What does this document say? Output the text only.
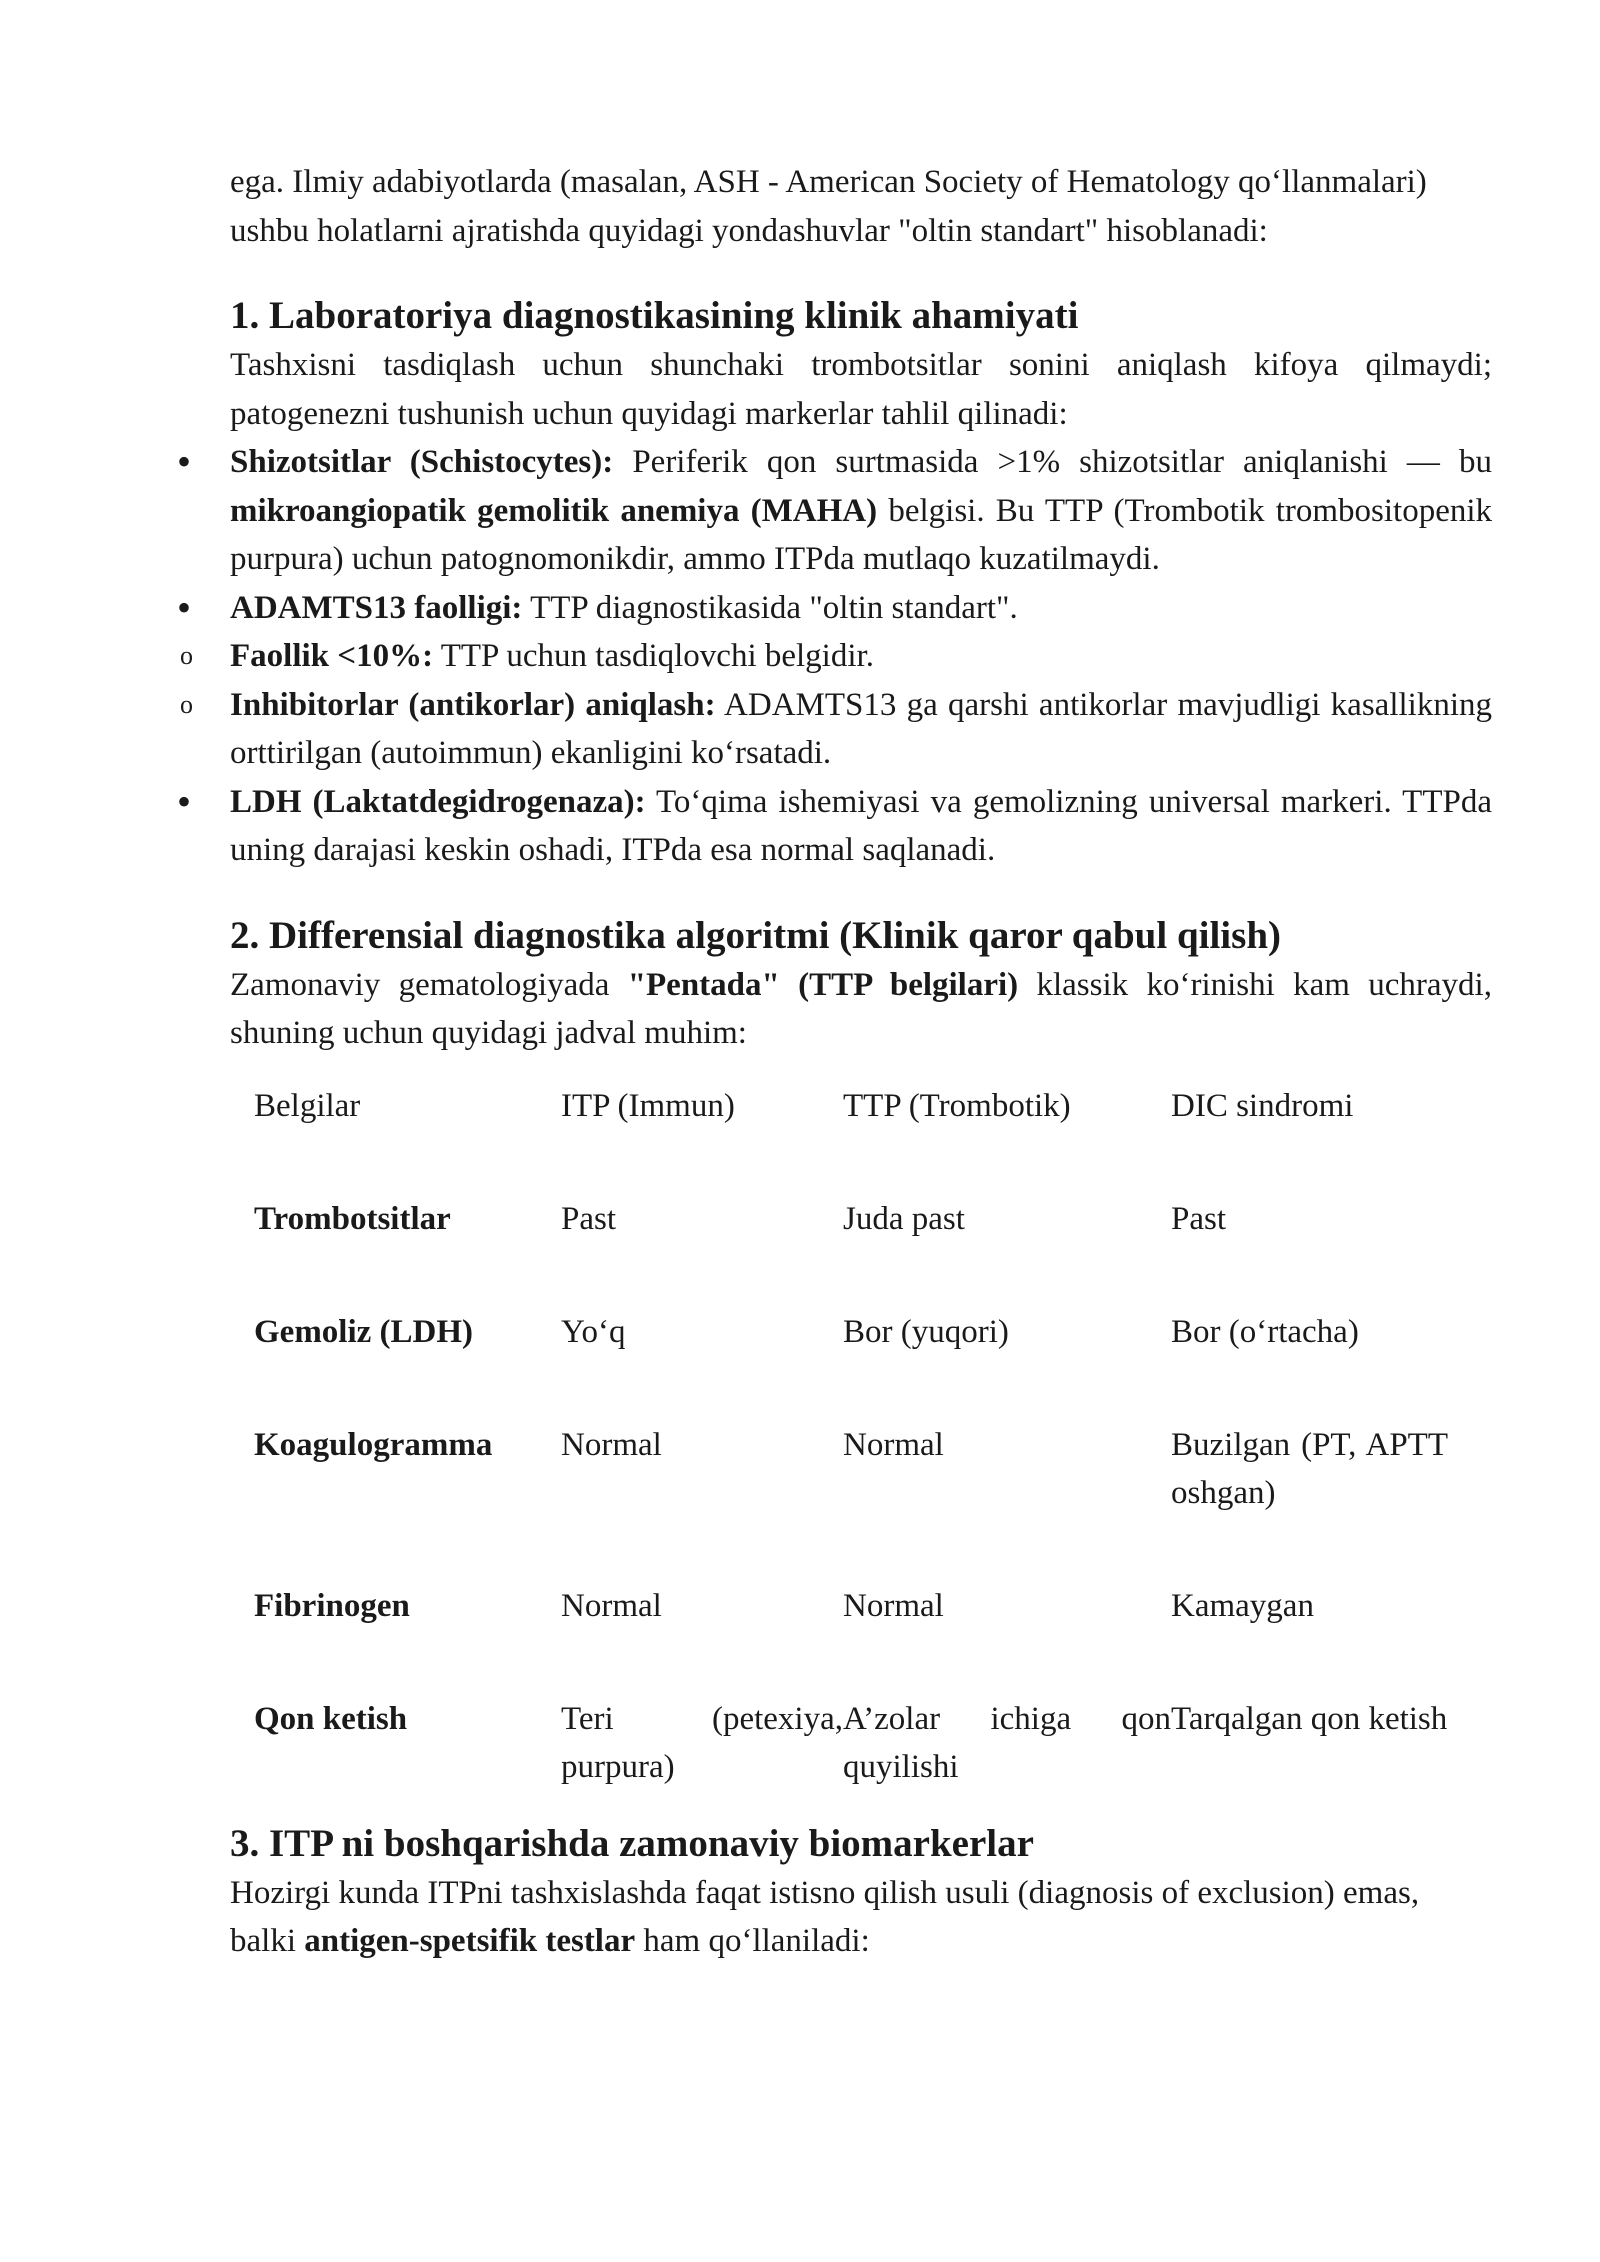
ega. Ilmiy adabiyotlarda (masalan, ASH - American Society of Hematology qo‘llanmalari)

ushbu holatlarni ajratishda quyidagi yondashuvlar "oltin standart" hisoblanadi:

1. Laboratoriya diagnostikasining klinik ahamiyati

Tashxisni tasdiqlash uchun shunchaki trombotsitlar sonini aniqlash kifoya qilmaydi; patogenezni tushunish uchun quyidagi markerlar tahlil qilinadi:

• Shizotsitlar (Schistocytes): Periferik qon surtmasida >1% shizotsitlar aniqlanishi — bu mikroangiopatik gemolitik anemiya (MAHA) belgisi. Bu TTP (Trombotik trombositopenik purpura) uchun patognomonikdir, ammo ITPda mutlaqo kuzatilmaydi.

• ADAMTS13 faolligi: TTP diagnostikasida "oltin standart".

o Faollik <10%: TTP uchun tasdiqlovchi belgidir.

o Inhibitorlar (antikorlar) aniqlash: ADAMTS13 ga qarshi antikorlar mavjudligi kasallikning orttirilgan (autoimmun) ekanligini ko‘rsatadi.

• LDH (Laktatdegidrogenaza): To‘qima ishemiyasi va gemolizning universal markeri. TTPda uning darajasi keskin oshadi, ITPda esa normal saqlanadi.

2. Differensial diagnostika algoritmi (Klinik qaror qabul qilish)

Zamonaviy gematologiyada "Pentada" (TTP belgilari) klassik ko‘rinishi kam uchraydi, shuning uchun quyidagi jadval muhim:

Belgilar	ITP (Immun)	TTP (Trombotik)	DIC sindromi
Trombotsitlar	Past	Juda past	Past
Gemoliz (LDH)	Yo‘q	Bor (yuqori)	Bor (o‘rtacha)
Koagulogramma	Normal	Normal	Buzilgan (PT, APTT oshgan)
Fibrinogen	Normal	Normal	Kamaygan
Qon ketish	Teri (petexiya, purpura)	A’zolar ichiga qon quyilishi	Tarqalgan qon ketish
3. ITP ni boshqarishda zamonaviy biomarkerlar

Hozirgi kunda ITPni tashxislashda faqat istisno qilish usuli (diagnosis of exclusion) emas,

balki antigen-spetsifik testlar ham qo‘llaniladi:
